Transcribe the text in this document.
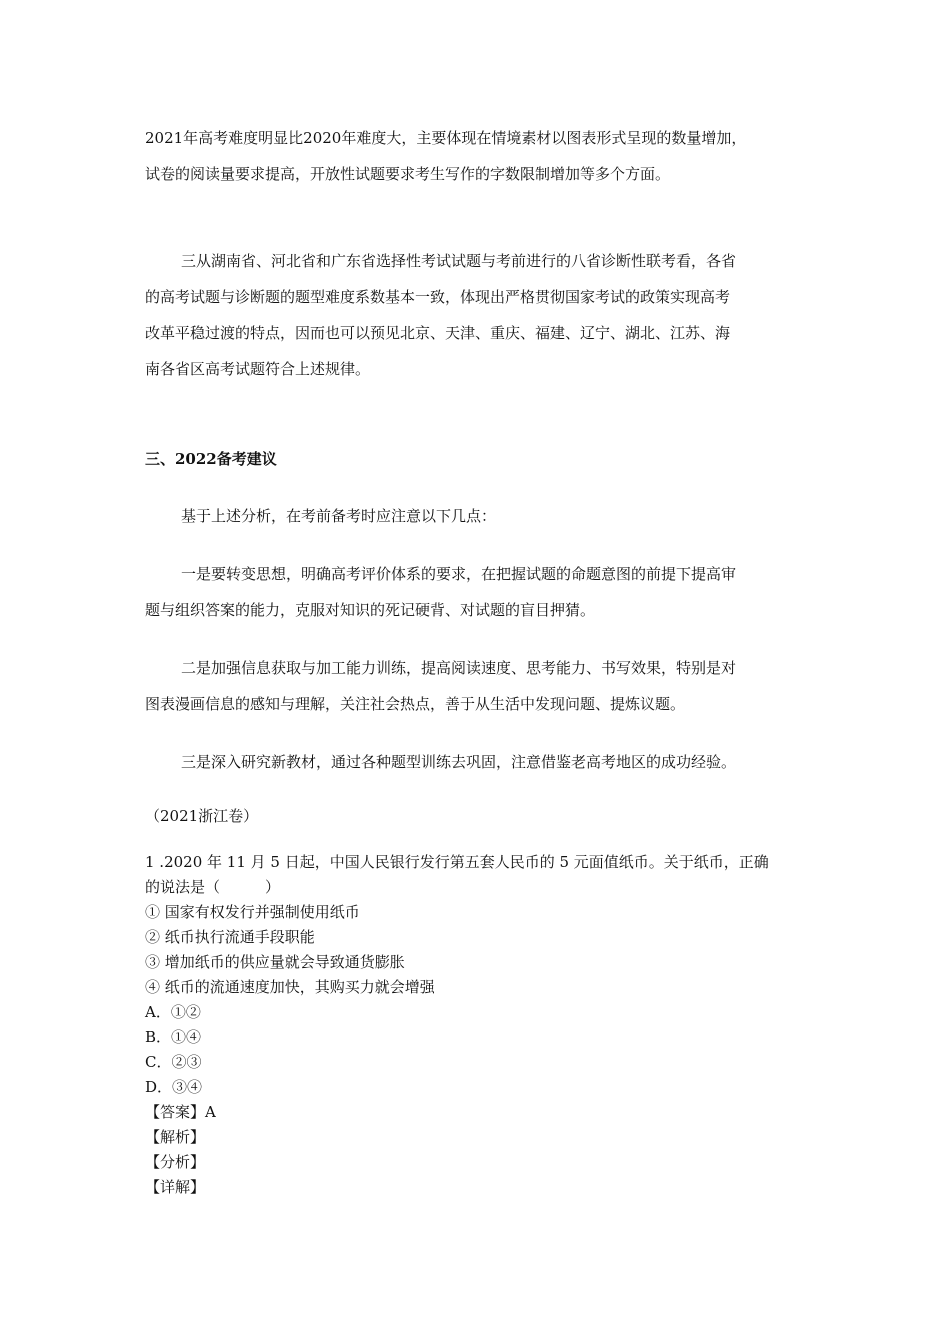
2021年高考难度明显比2020年难度大，主要体现在情境素材以图表形式呈现的数量增加，
试卷的阅读量要求提高，开放性试题要求考生写作的字数限制增加等多个方面。
三从湖南省、河北省和广东省选择性考试试题与考前进行的八省诊断性联考看，各省
的高考试题与诊断题的题型难度系数基本一致，体现出严格贯彻国家考试的政策实现高考
改革平稳过渡的特点，因而也可以预见北京、天津、重庆、福建、辽宁、湖北、江苏、海
南各省区高考试题符合上述规律。
三、2022备考建议
基于上述分析，在考前备考时应注意以下几点：
一是要转变思想，明确高考评价体系的要求，在把握试题的命题意图的前提下提高审
题与组织答案的能力，克服对知识的死记硬背、对试题的盲目押猜。
二是加强信息获取与加工能力训练，提高阅读速度、思考能力、书写效果，特别是对
图表漫画信息的感知与理解，关注社会热点，善于从生活中发现问题、提炼议题。
三是深入研究新教材，通过各种题型训练去巩固，注意借鉴老高考地区的成功经验。
（2021浙江卷）
1 .2020 年 11 月 5 日起，中国人民银行发行第五套人民币的 5 元面值纸币。关于纸币，正确
的说法是（　　　）
① 国家有权发行并强制使用纸币
② 纸币执行流通手段职能
③ 增加纸币的供应量就会导致通货膨胀
④ 纸币的流通速度加快，其购买力就会增强
A．①②
B．①④
C．②③
D．③④
【答案】A
【解析】
【分析】
【详解】
